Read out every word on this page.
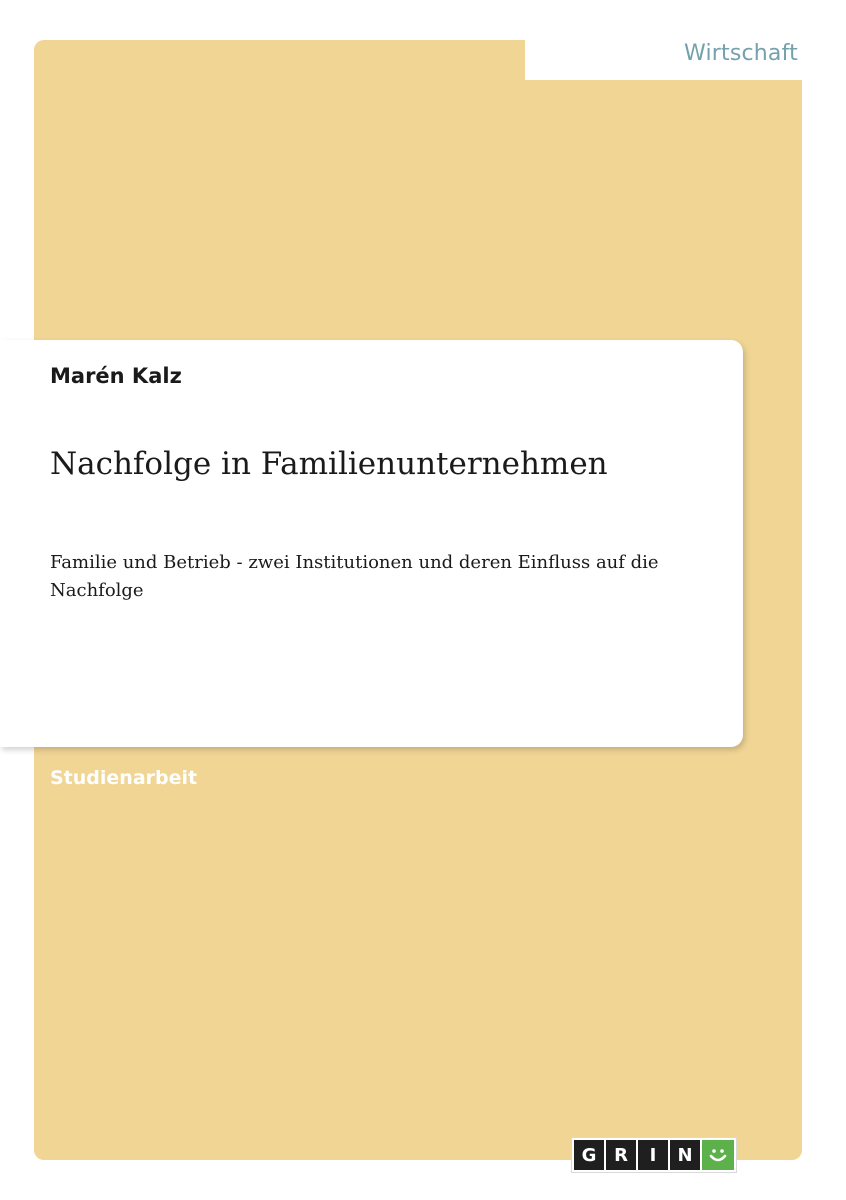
Wirtschaft
Marén Kalz
Nachfolge in Familienunternehmen
Familie und Betrieb - zwei Institutionen und deren Einfluss auf die Nachfolge
Studienarbeit
G R	I	N
